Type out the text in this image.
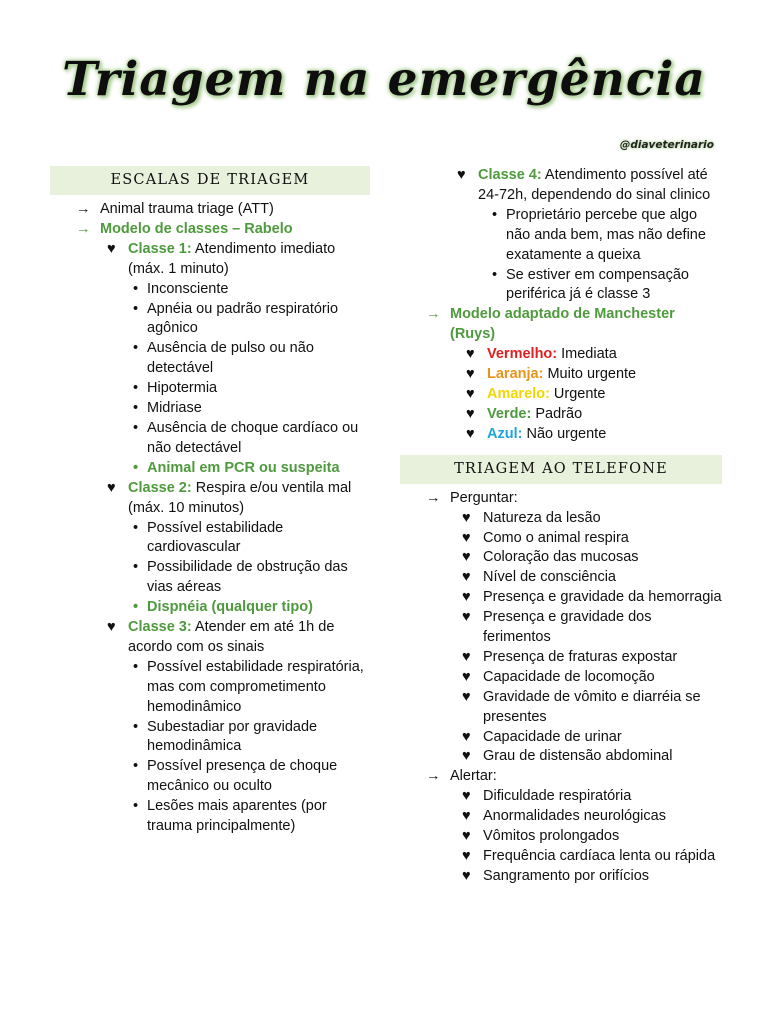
Triagem na emergência
@diaveterinario
ESCALAS DE TRIAGEM
→ Animal trauma triage (ATT)
→ Modelo de classes – Rabelo
♥ Classe 1: Atendimento imediato (máx. 1 minuto)
• Inconsciente
• Apnéia ou padrão respiratório agônico
• Ausência de pulso ou não detectável
• Hipotermia
• Midriase
• Ausência de choque cardíaco ou não detectável
• Animal em PCR ou suspeita
♥ Classe 2: Respira e/ou ventila mal (máx. 10 minutos)
• Possível estabilidade cardiovascular
• Possibilidade de obstrução das vias aéreas
• Dispnéia (qualquer tipo)
♥ Classe 3: Atender em até 1h de acordo com os sinais
• Possível estabilidade respiratória, mas com comprometimento hemodinâmico
• Subestadiar por gravidade hemodinâmica
• Possível presença de choque mecânico ou oculto
• Lesões mais aparentes (por trauma principalmente)
♥ Classe 4: Atendimento possível até 24-72h, dependendo do sinal clinico
• Proprietário percebe que algo não anda bem, mas não define exatamente a queixa
• Se estiver em compensação periférica já é classe 3
→ Modelo adaptado de Manchester (Ruys)
♥ Vermelho: Imediata
♥ Laranja: Muito urgente
♥ Amarelo: Urgente
♥ Verde: Padrão
♥ Azul: Não urgente
TRIAGEM AO TELEFONE
→ Perguntar:
♥ Natureza da lesão
♥ Como o animal respira
♥ Coloração das mucosas
♥ Nível de consciência
♥ Presença e gravidade da hemorragia
♥ Presença e gravidade dos ferimentos
♥ Presença de fraturas expostar
♥ Capacidade de locomoção
♥ Gravidade de vômito e diarréia se presentes
♥ Capacidade de urinar
♥ Grau de distensão abdominal
→ Alertar:
♥ Dificuldade respiratória
♥ Anormalidades neurológicas
♥ Vômitos prolongados
♥ Frequência cardíaca lenta ou rápida
♥ Sangramento por orifícios
